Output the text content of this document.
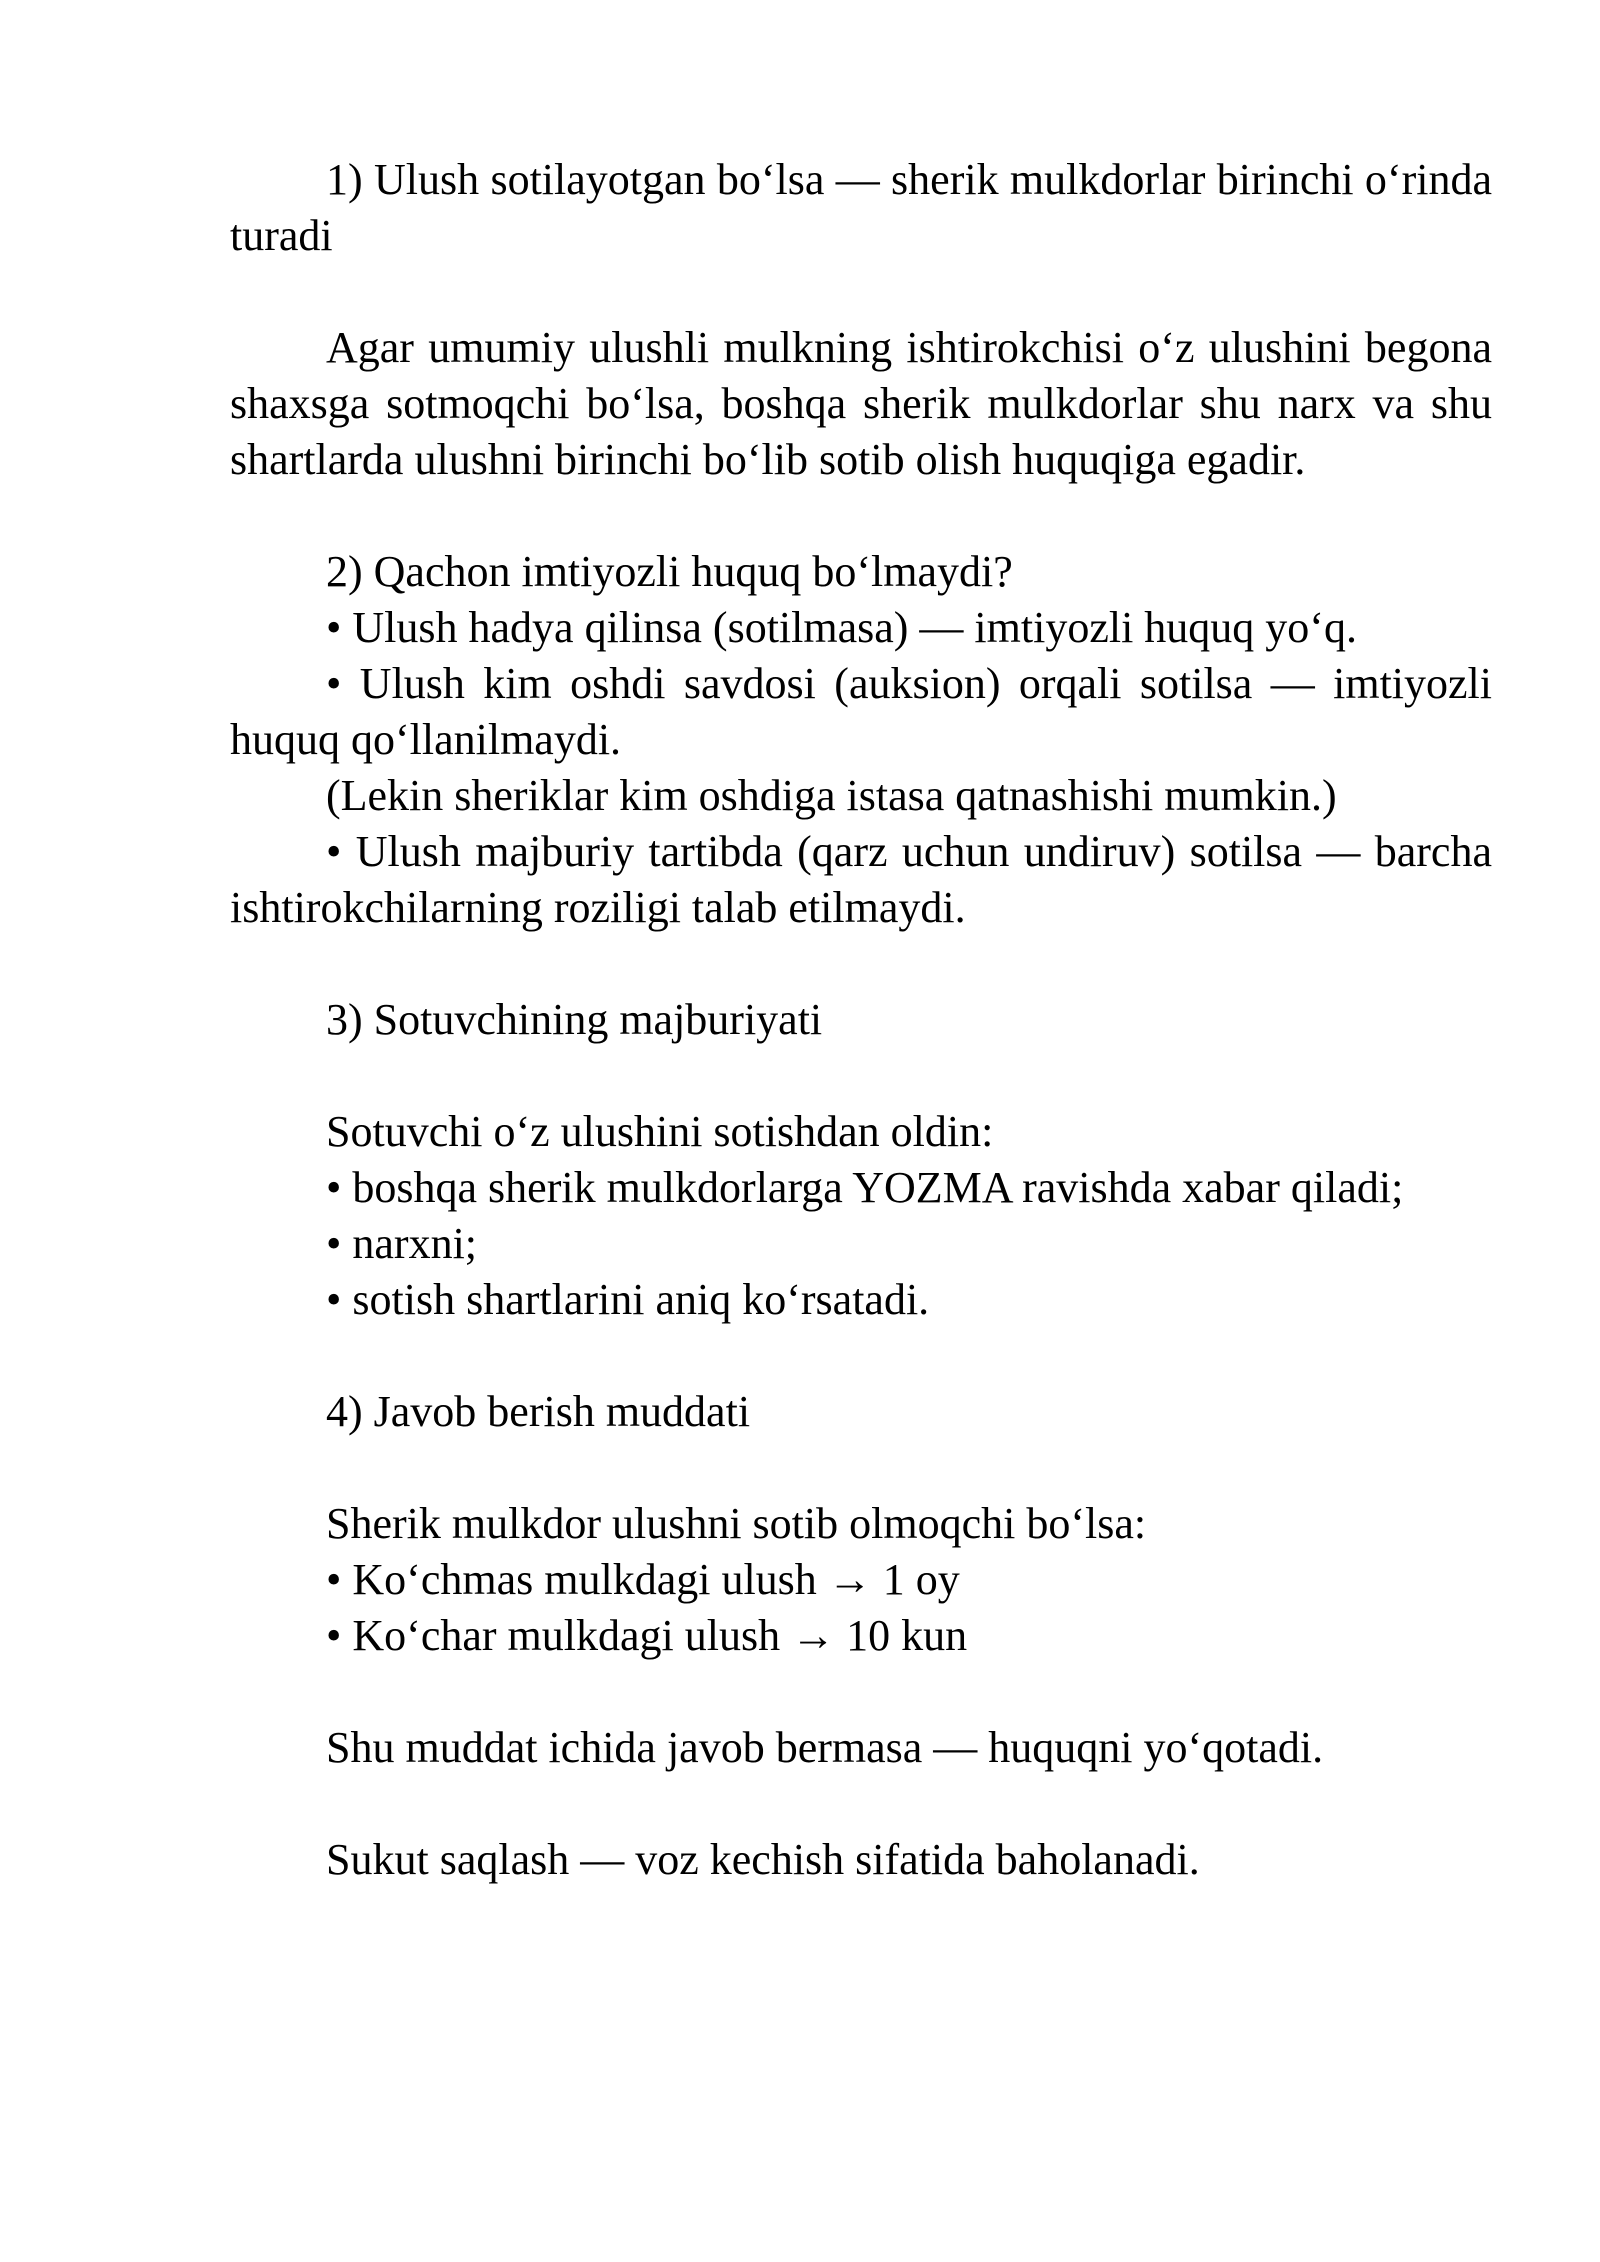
1) Ulush sotilayotgan bo‘lsa — sherik mulkdorlar birinchi o‘rinda turadi

Agar umumiy ulushli mulkning ishtirokchisi o‘z ulushini begona shaxsga sotmoqchi bo‘lsa, boshqa sherik mulkdorlar shu narx va shu shartlarda ulushni birinchi bo‘lib sotib olish huquqiga egadir.

2) Qachon imtiyozli huquq bo‘lmaydi?

• Ulush hadya qilinsa (sotilmasa) — imtiyozli huquq yo‘q.

• Ulush kim oshdi savdosi (auksion) orqali sotilsa — imtiyozli huquq qo‘llanilmaydi.

(Lekin sheriklar kim oshdiga istasa qatnashishi mumkin.)

• Ulush majburiy tartibda (qarz uchun undiruv) sotilsa — barcha ishtirokchilarning roziligi talab etilmaydi.

3) Sotuvchining majburiyati

Sotuvchi o‘z ulushini sotishdan oldin:

• boshqa sherik mulkdorlarga YOZMA ravishda xabar qiladi;

• narxni;

• sotish shartlarini aniq ko‘rsatadi.

4) Javob berish muddati

Sherik mulkdor ulushni sotib olmoqchi bo‘lsa:

• Ko‘chmas mulkdagi ulush → 1 oy

• Ko‘char mulkdagi ulush → 10 kun

Shu muddat ichida javob bermasa — huquqni yo‘qotadi.

Sukut saqlash — voz kechish sifatida baholanadi.
